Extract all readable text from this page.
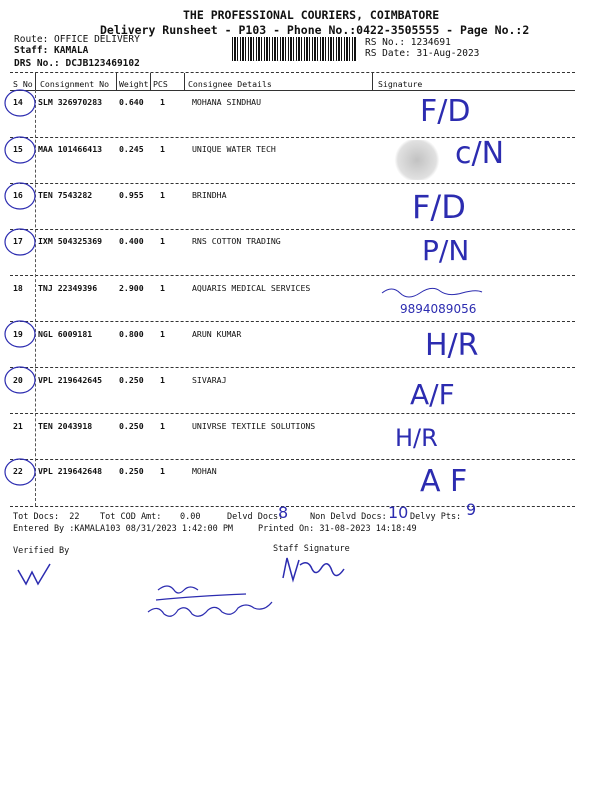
THE PROFESSIONAL COURIERS, COIMBATORE
Delivery Runsheet - P103 - Phone No.:0422-3505555 - Page No.:2
Route: OFFICE DELIVERY
Staff: KAMALA
DRS No.: DCJB123469102
RS No.: 1234691
RS Date: 31-Aug-2023
S No Consignment No Weight PCS Consignee Details	Signature
14 SLM 326970283 0.640 1	MOHANA SINDHAU	F/D
15 MAA 101466413 0.245 1	UNIQUE WATER TECH	c/N
16 TEN 7543282	0.955 1	BRINDHA	F/D
17 IXM 504325369 0.400 1	RNS COTTON TRADING	P/N
18 TNJ 22349396	2.900 1	AQUARIS MEDICAL SERVICES
9894089056
19 NGL 6009181	0.800 1	ARUN KUMAR	H/R
20 VPL 219642645 0.250 1	SIVARAJ	A/F
21 TEN 2043918	0.250 1	UNIVRSE TEXTILE SOLUTIONS	H/R
22 VPL 219642648 0.250 1	MOHAN	A F
Tot Docs:  22 Tot COD Amt: 0.00	Delvd Docs:
8	Non Delvd Docs: 10 Delvy Pts: 9
Entered By :KAMALA103 08/31/2023 1:42:00 PM	Printed On: 31-08-2023 14:18:49
Verified By	Staff Signature
